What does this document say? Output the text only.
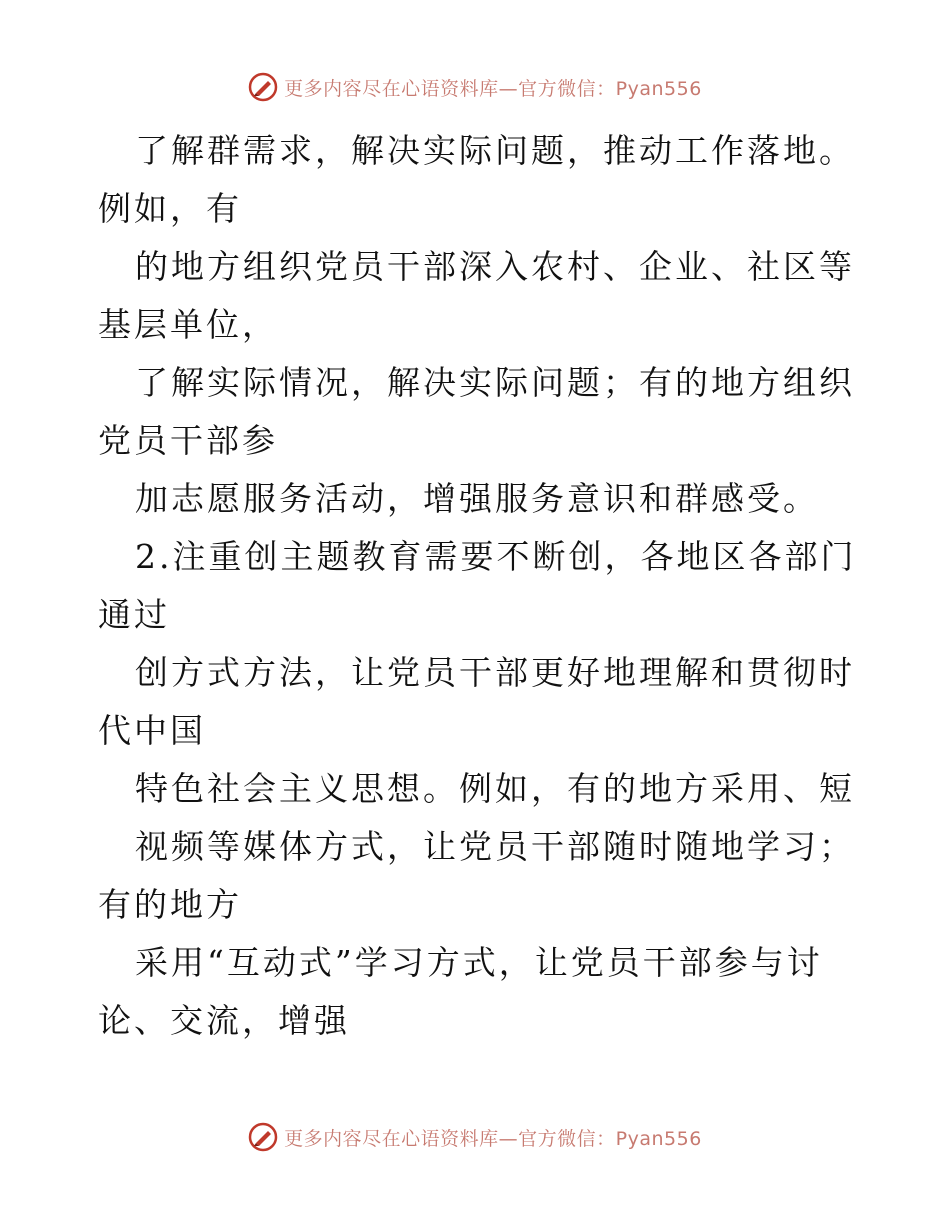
更多内容尽在心语资料库—官方微信：Pyan556

了解群需求，解决实际问题，推动工作落地。例如，有

的地方组织党员干部深入农村、企业、社区等基层单位，

了解实际情况，解决实际问题；有的地方组织党员干部参

加志愿服务活动，增强服务意识和群感受。

2.注重创主题教育需要不断创，各地区各部门通过

创方式方法，让党员干部更好地理解和贯彻时代中国

特色社会主义思想。例如，有的地方采用、短

视频等媒体方式，让党员干部随时随地学习；有的地方

采用“互动式”学习方式，让党员干部参与讨论、交流，增强

更多内容尽在心语资料库—官方微信：Pyan556
